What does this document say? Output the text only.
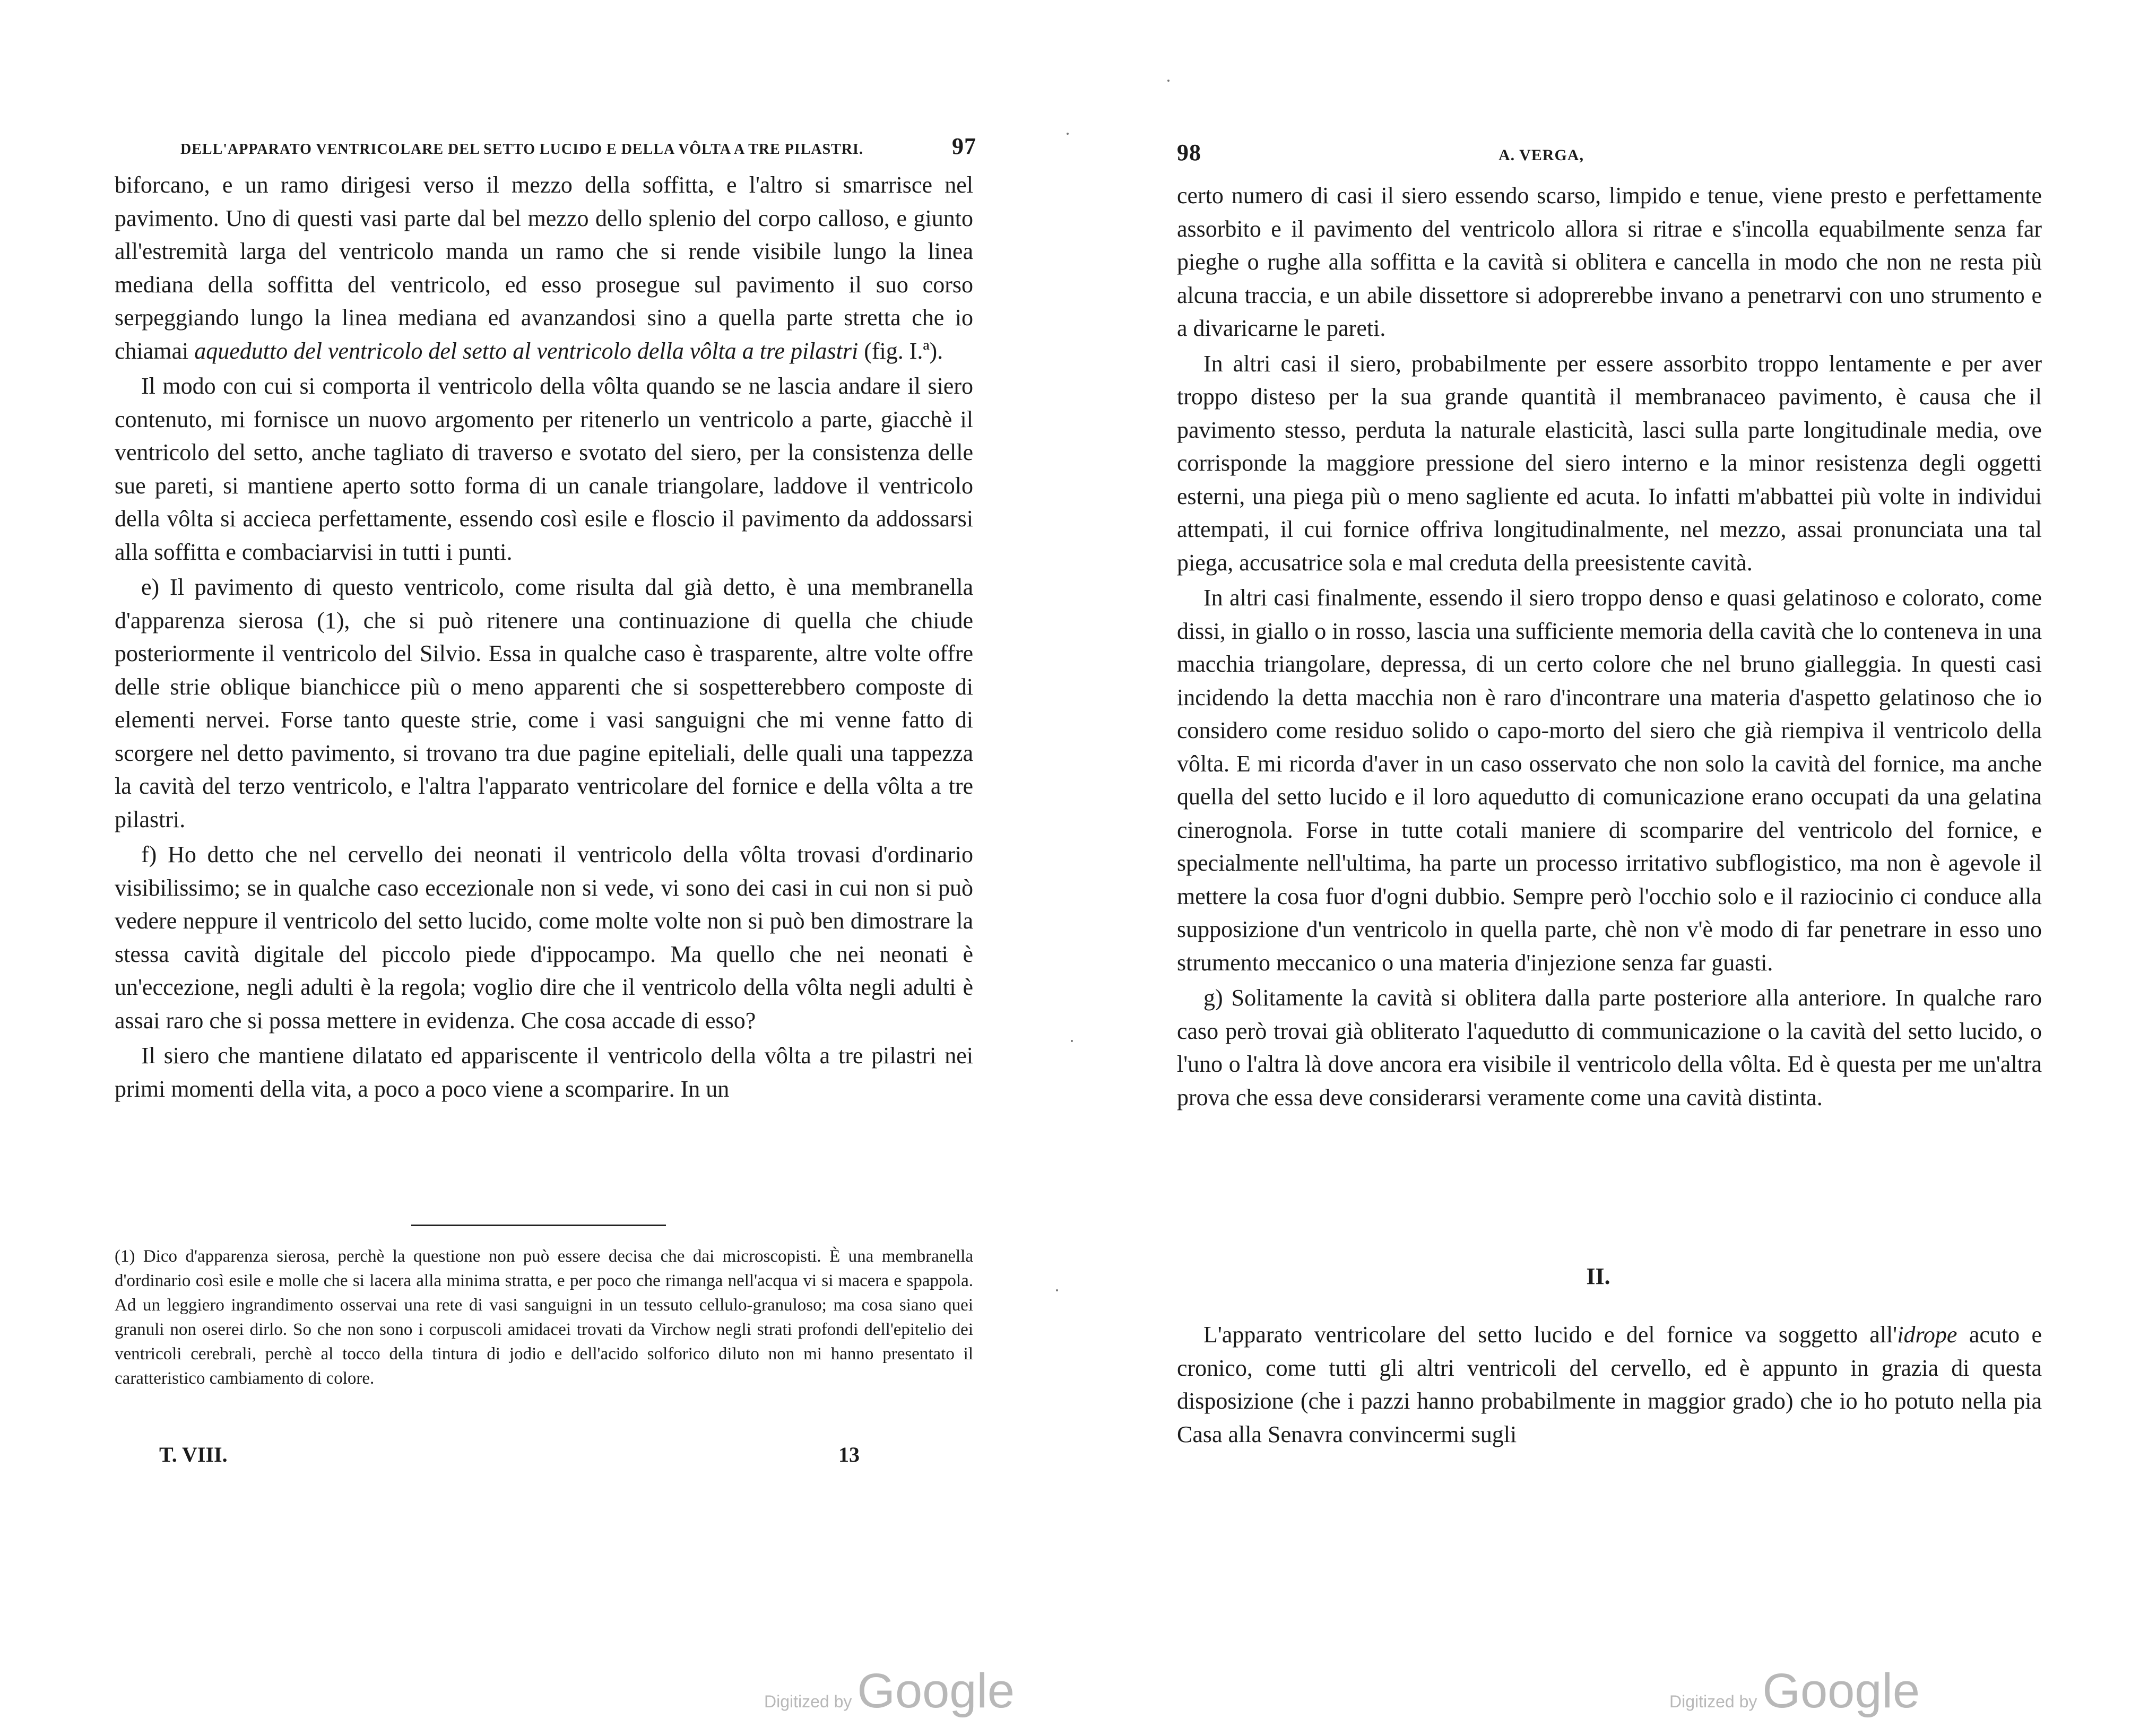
DELL'APPARATO VENTRICOLARE DEL SETTO LUCIDO E DELLA VÔLTA A TRE PILASTRI.	97

biforcano, e un ramo dirigesi verso il mezzo della soffitta, e l'altro si smarrisce nel pavimento. Uno di questi vasi parte dal bel mezzo dello splenio del corpo calloso, e giunto all'estremità larga del ventricolo manda un ramo che si rende visibile lungo la linea mediana della soffitta del ventricolo, ed esso prosegue sul pavimento il suo corso serpeggiando lungo la linea mediana ed avanzandosi sino a quella parte stretta che io chiamai aquedutto del ventricolo del setto al ventricolo della vôlta a tre pilastri (fig. I.ª).

Il modo con cui si comporta il ventricolo della vôlta quando se ne lascia andare il siero contenuto, mi fornisce un nuovo argomento per ritenerlo un ventricolo a parte, giacchè il ventricolo del setto, anche tagliato di traverso e svotato del siero, per la consistenza delle sue pareti, si mantiene aperto sotto forma di un canale triangolare, laddove il ventricolo della vôlta si accieca perfettamente, essendo così esile e floscio il pavimento da addossarsi alla soffitta e combaciarvisi in tutti i punti.

e) Il pavimento di questo ventricolo, come risulta dal già detto, è una membranella d'apparenza sierosa (1), che si può ritenere una continuazione di quella che chiude posteriormente il ventricolo del Silvio. Essa in qualche caso è trasparente, altre volte offre delle strie oblique bianchicce più o meno apparenti che si sospetterebbero composte di elementi nervei. Forse tanto queste strie, come i vasi sanguigni che mi venne fatto di scorgere nel detto pavimento, si trovano tra due pagine epiteliali, delle quali una tappezza la cavità del terzo ventricolo, e l'altra l'apparato ventricolare del fornice e della vôlta a tre pilastri.

f) Ho detto che nel cervello dei neonati il ventricolo della vôlta trovasi d'ordinario visibilissimo; se in qualche caso eccezionale non si vede, vi sono dei casi in cui non si può vedere neppure il ventricolo del setto lucido, come molte volte non si può ben dimostrare la stessa cavità digitale del piccolo piede d'ippocampo. Ma quello che nei neonati è un'eccezione, negli adulti è la regola; voglio dire che il ventricolo della vôlta negli adulti è assai raro che si possa mettere in evidenza. Che cosa accade di esso?

Il siero che mantiene dilatato ed appariscente il ventricolo della vôlta a tre pilastri nei primi momenti della vita, a poco a poco viene a scomparire. In un

(1) Dico d'apparenza sierosa, perchè la questione non può essere decisa che dai microscopisti. È una membranella d'ordinario così esile e molle che si lacera alla minima stratta, e per poco che rimanga nell'acqua vi si macera e spappola. Ad un leggiero ingrandimento osservai una rete di vasi sanguigni in un tessuto cellulo-granuloso; ma cosa siano quei granuli non oserei dirlo. So che non sono i corpuscoli amidacei trovati da Virchow negli strati profondi dell'epitelio dei ventricoli cerebrali, perchè al tocco della tintura di jodio e dell'acido solforico diluto non mi hanno presentato il caratteristico cambiamento di colore.
T. VIII.	13
Digitized by Google
98	A. VERGA,

certo numero di casi il siero essendo scarso, limpido e tenue, viene presto e perfettamente assorbito e il pavimento del ventricolo allora si ritrae e s'incolla equabilmente senza far pieghe o rughe alla soffitta e la cavità si oblitera e cancella in modo che non ne resta più alcuna traccia, e un abile dissettore si adoprerebbe invano a penetrarvi con uno strumento e a divaricarne le pareti.

In altri casi il siero, probabilmente per essere assorbito troppo lentamente e per aver troppo disteso per la sua grande quantità il membranaceo pavimento, è causa che il pavimento stesso, perduta la naturale elasticità, lasci sulla parte longitudinale media, ove corrisponde la maggiore pressione del siero interno e la minor resistenza degli oggetti esterni, una piega più o meno sagliente ed acuta. Io infatti m'abbattei più volte in individui attempati, il cui fornice offriva longitudinalmente, nel mezzo, assai pronunciata una tal piega, accusatrice sola e mal creduta della preesistente cavità.

In altri casi finalmente, essendo il siero troppo denso e quasi gelatinoso e colorato, come dissi, in giallo o in rosso, lascia una sufficiente memoria della cavità che lo conteneva in una macchia triangolare, depressa, di un certo colore che nel bruno gialleggia. In questi casi incidendo la detta macchia non è raro d'incontrare una materia d'aspetto gelatinoso che io considero come residuo solido o capo-morto del siero che già riempiva il ventricolo della vôlta. E mi ricorda d'aver in un caso osservato che non solo la cavità del fornice, ma anche quella del setto lucido e il loro aquedutto di comunicazione erano occupati da una gelatina cinerognola. Forse in tutte cotali maniere di scomparire del ventricolo del fornice, e specialmente nell'ultima, ha parte un processo irritativo subflogistico, ma non è agevole il mettere la cosa fuor d'ogni dubbio. Sempre però l'occhio solo e il raziocinio ci conduce alla supposizione d'un ventricolo in quella parte, chè non v'è modo di far penetrare in esso uno strumento meccanico o una materia d'injezione senza far guasti.

g) Solitamente la cavità si oblitera dalla parte posteriore alla anteriore. In qualche raro caso però trovai già obliterato l'aquedutto di communicazione o la cavità del setto lucido, o l'uno o l'altra là dove ancora era visibile il ventricolo della vôlta. Ed è questa per me un'altra prova che essa deve considerarsi veramente come una cavità distinta.

II.
L'apparato ventricolare del setto lucido e del fornice va soggetto all'idrope acuto e cronico, come tutti gli altri ventricoli del cervello, ed è appunto in grazia di questa disposizione (che i pazzi hanno probabilmente in maggior grado) che io ho potuto nella pia Casa alla Senavra convincermi sugli
Digitized by Google
